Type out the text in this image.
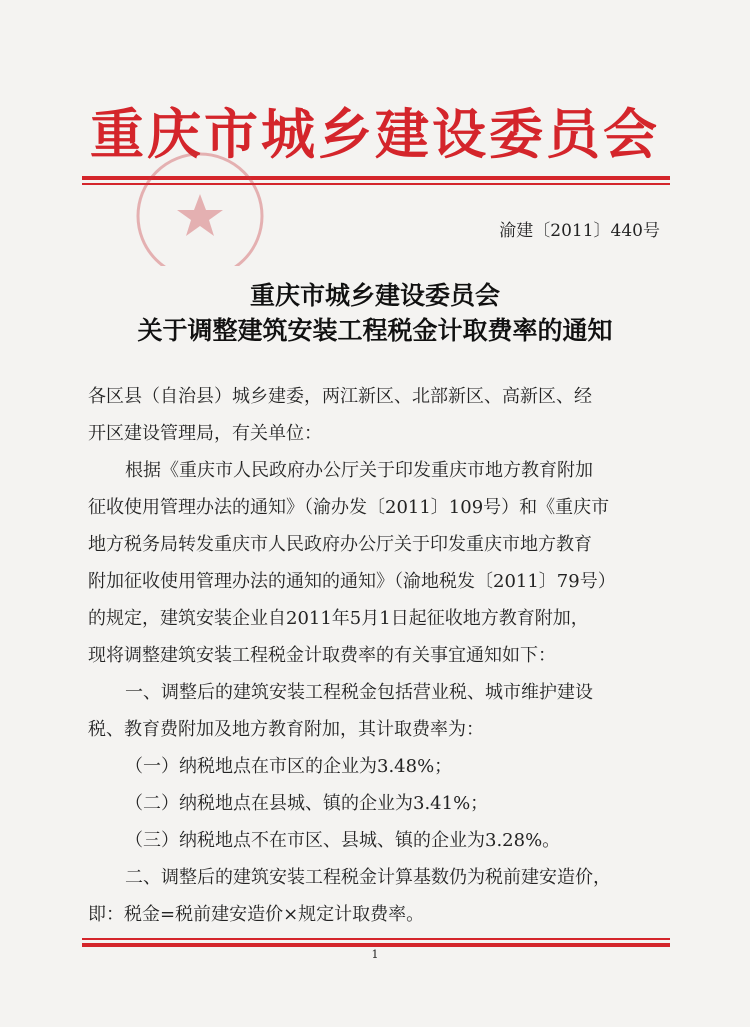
重庆市城乡建设委员会
渝建〔2011〕440号
重庆市城乡建设委员会
关于调整建筑安装工程税金计取费率的通知
各区县（自治县）城乡建委，两江新区、北部新区、高新区、经
开区建设管理局，有关单位：
根据《重庆市人民政府办公厅关于印发重庆市地方教育附加
征收使用管理办法的通知》（渝办发〔2011〕109号）和《重庆市
地方税务局转发重庆市人民政府办公厅关于印发重庆市地方教育
附加征收使用管理办法的通知的通知》（渝地税发〔2011〕79号）
的规定，建筑安装企业自2011年5月1日起征收地方教育附加，
现将调整建筑安装工程税金计取费率的有关事宜通知如下：
一、调整后的建筑安装工程税金包括营业税、城市维护建设
税、教育费附加及地方教育附加，其计取费率为：
（一）纳税地点在市区的企业为3.48%；
（二）纳税地点在县城、镇的企业为3.41%；
（三）纳税地点不在市区、县城、镇的企业为3.28%。
二、调整后的建筑安装工程税金计算基数仍为税前建安造价，
即：税金=税前建安造价×规定计取费率。
1
